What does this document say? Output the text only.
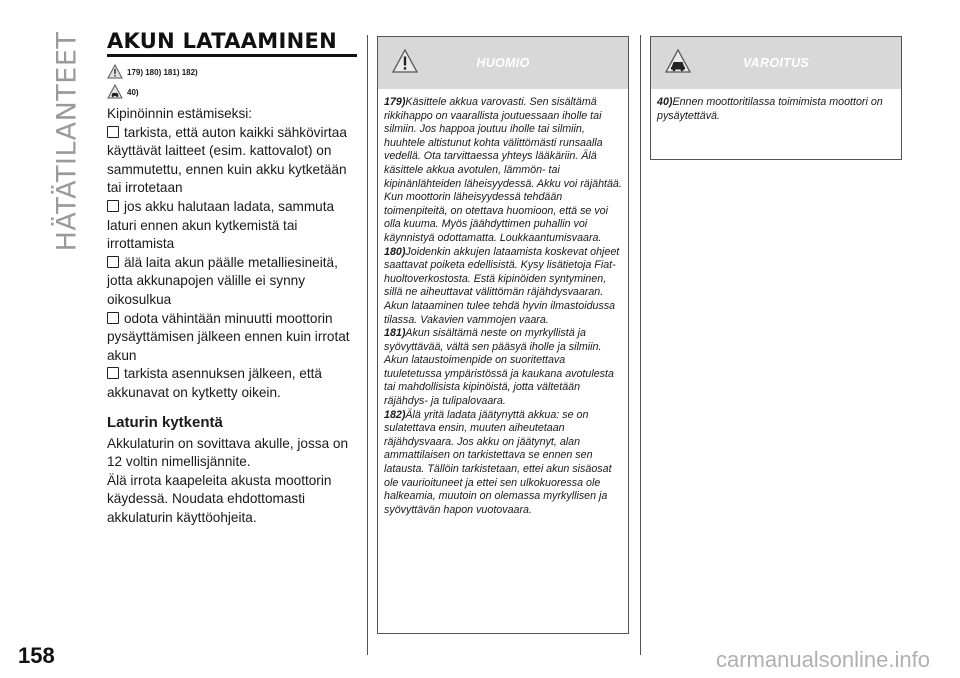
HÄTÄTILANTEET AKUN LATAAMINEN
179) 180) 181) 182)
40)

Kipinöinnin estämiseksi:

tarkista, että auton kaikki sähkövirtaa käyttävät laitteet (esim. kattovalot) on sammutettu, ennen kuin akku kytketään tai irrotetaan

jos akku halutaan ladata, sammuta laturi ennen akun kytkemistä tai irrottamista

älä laita akun päälle metalliesineitä, jotta akkunapojen välille ei synny oikosulkua

odota vähintään minuutti moottorin pysäyttämisen jälkeen ennen kuin irrotat akun

tarkista asennuksen jälkeen, että akkunavat on kytketty oikein.

Laturin kytkentä

Akkulaturin on sovittava akulle, jossa on 12 voltin nimellisjännite.

Älä irrota kaapeleita akusta moottorin käydessä. Noudata ehdottomasti akkulaturin käyttöohjeita.

HUOMIO

179)Käsittele akkua varovasti. Sen sisältämä rikkihappo on vaarallista joutuessaan iholle tai silmiin. Jos happoa joutuu iholle tai silmiin, huuhtele altistunut kohta välittömästi runsaalla vedellä. Ota tarvittaessa yhteys lääkäriin. Älä käsittele akkua avotulen, lämmön- tai kipinänlähteiden läheisyydessä. Akku voi räjähtää. Kun moottorin läheisyydessä tehdään toimenpiteitä, on otettava huomioon, että se voi olla kuuma. Myös jäähdyttimen puhallin voi käynnistyä odottamatta. Loukkaantumisvaara.

180)Joidenkin akkujen lataamista koskevat ohjeet saattavat poiketa edellisistä. Kysy lisätietoja Fiat-huoltoverkostosta. Estä kipinöiden syntyminen, sillä ne aiheuttavat välittömän räjähdysvaaran. Akun lataaminen tulee tehdä hyvin ilmastoidussa tilassa. Vakavien vammojen vaara.

181)Akun sisältämä neste on myrkyllistä ja syövyttävää, vältä sen pääsyä iholle ja silmiin. Akun lataustoimenpide on suoritettava tuuletetussa ympäristössä ja kaukana avotulesta tai mahdollisista kipinöistä, jotta vältetään räjähdys- ja tulipalovaara.

182)Älä yritä ladata jäätynyttä akkua: se on sulatettava ensin, muuten aiheutetaan räjähdysvaara. Jos akku on jäätynyt, alan ammattilaisen on tarkistettava se ennen sen latausta. Tällöin tarkistetaan, ettei akun sisäosat ole vaurioituneet ja ettei sen ulkokuoressa ole halkeamia, muutoin on olemassa myrkyllisen ja syövyttävän hapon vuotovaara.

VAROITUS

40)Ennen moottoritilassa toimimista moottori on pysäytettävä.

158	carmanualsonline.info
